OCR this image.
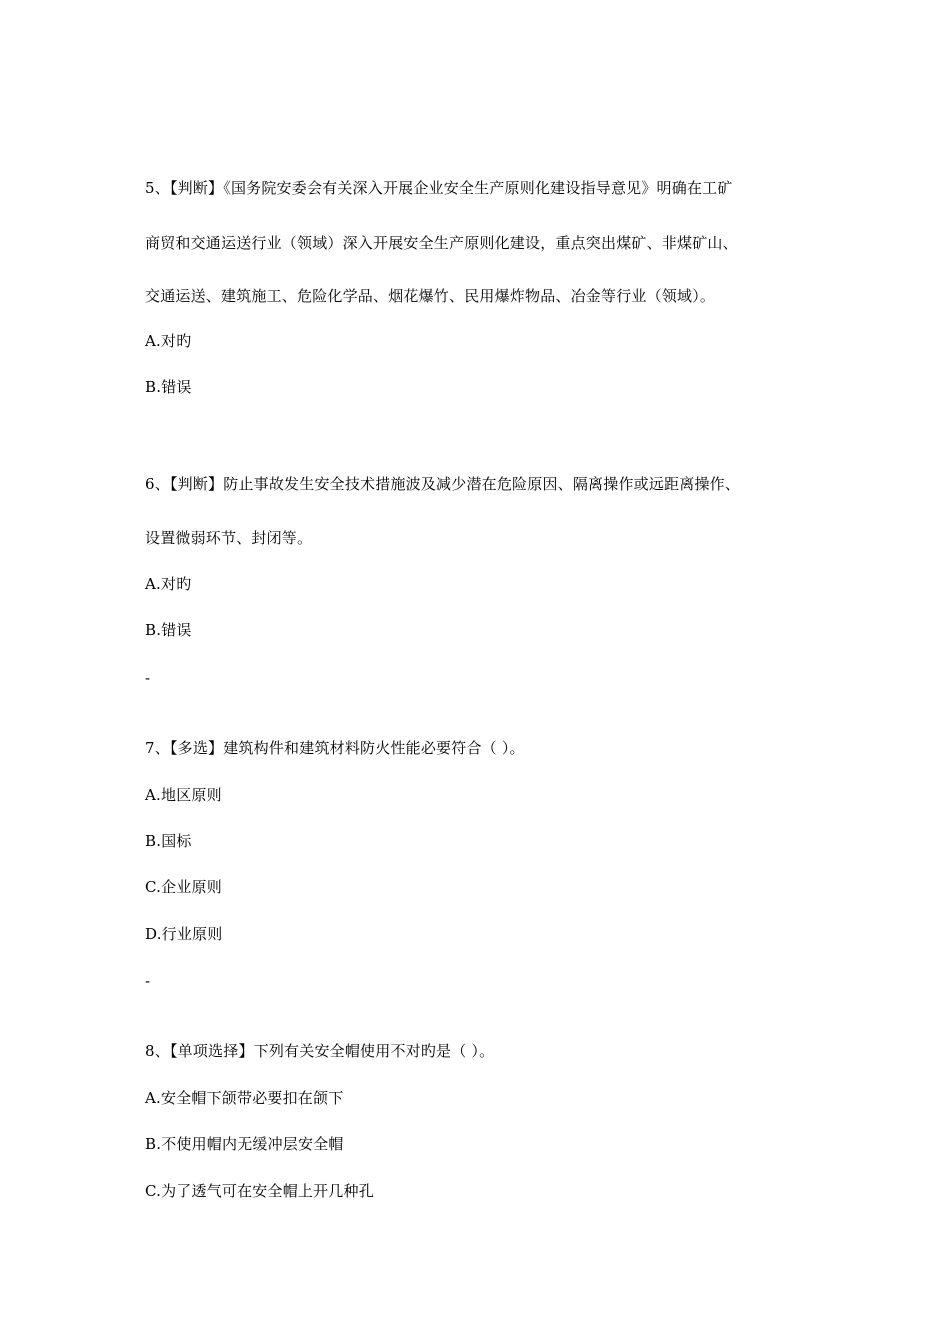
5、【判断】《国务院安委会有关深入开展企业安全生产原则化建设指导意见》明确在工矿
商贸和交通运送行业（领域）深入开展安全生产原则化建设，重点突出煤矿、非煤矿山、
交通运送、建筑施工、危险化学品、烟花爆竹、民用爆炸物品、冶金等行业（领域）。
A.对旳
B.错误
6、【判断】防止事故发生安全技术措施波及减少潜在危险原因、隔离操作或远距离操作、
设置微弱环节、封闭等。
A.对旳
B.错误
-
7、【多选】建筑构件和建筑材料防火性能必要符合（ ）。
A.地区原则
B.国标
C.企业原则
D.行业原则
-
8、【单项选择】下列有关安全帽使用不对旳是（ ）。
A.安全帽下颌带必要扣在颌下
B.不使用帽内无缓冲层安全帽
C.为了透气可在安全帽上开几种孔
